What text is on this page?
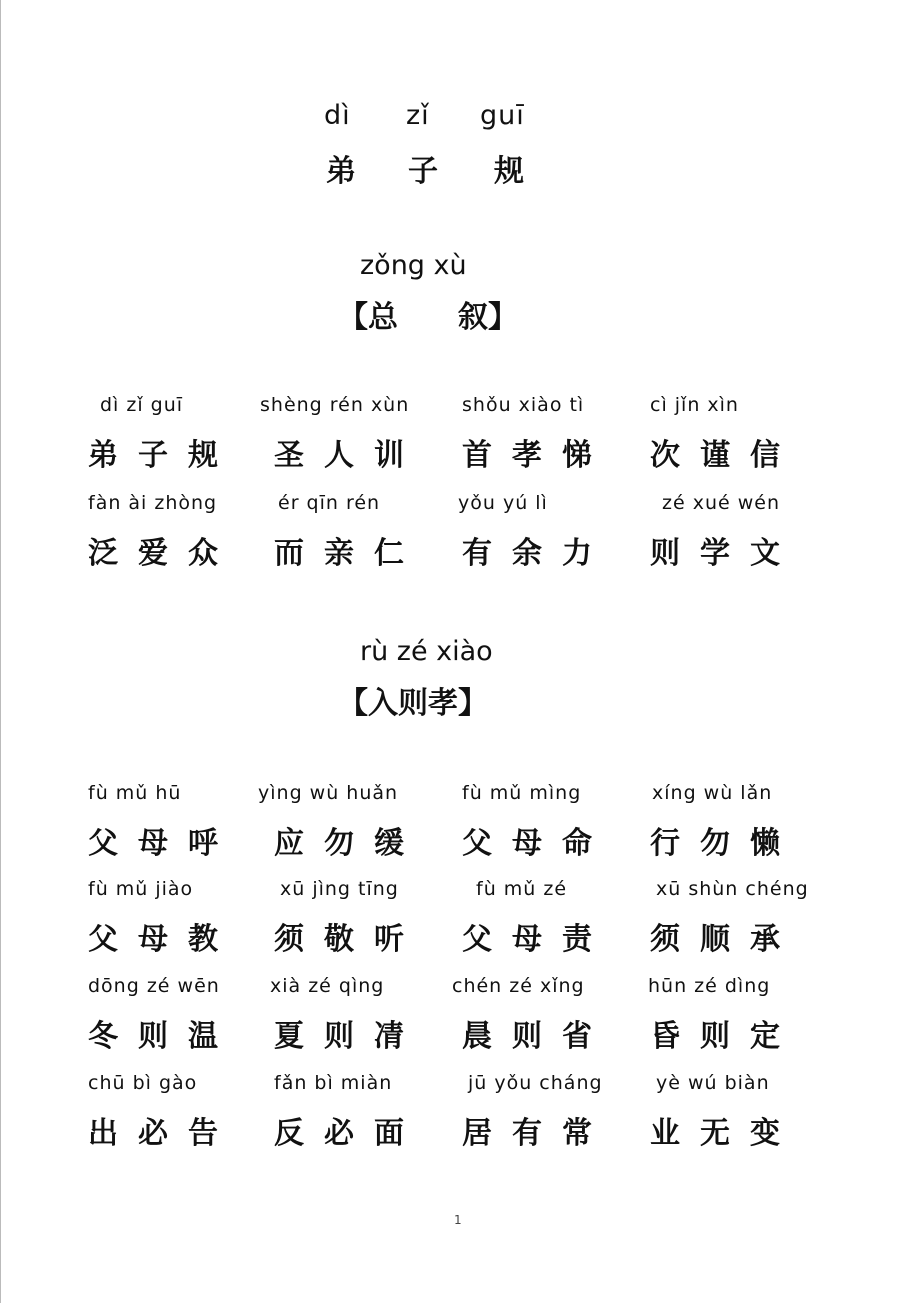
dì zǐ guī
弟 子 规
zǒng xù
【总　　叙】
dì zǐ guī	shèng rén xùn	shǒu xiào tì	cì jǐn xìn
弟子规 圣人训 首孝悌 次谨信
fàn ài zhòng	ér qīn rén	yǒu yú lì	zé xué wén
泛爱众 而亲仁 有余力 则学文
rù zé xiào
【入则孝】
fù mǔ hū	yìng wù huǎn	fù mǔ mìng	xíng wù lǎn
父母呼 应勿缓 父母命 行勿懒
fù mǔ jiào	xū jìng tīng	fù mǔ zé	xū shùn chéng
父母教 须敬听 父母责 须顺承
dōng zé wēn	xià zé qìng	chén zé xǐng	hūn zé dìng
冬则温 夏则凊 晨则省 昏则定
chū bì gào	fǎn bì miàn	jū yǒu cháng	yè wú biàn
出必告 反必面 居有常 业无变
1
